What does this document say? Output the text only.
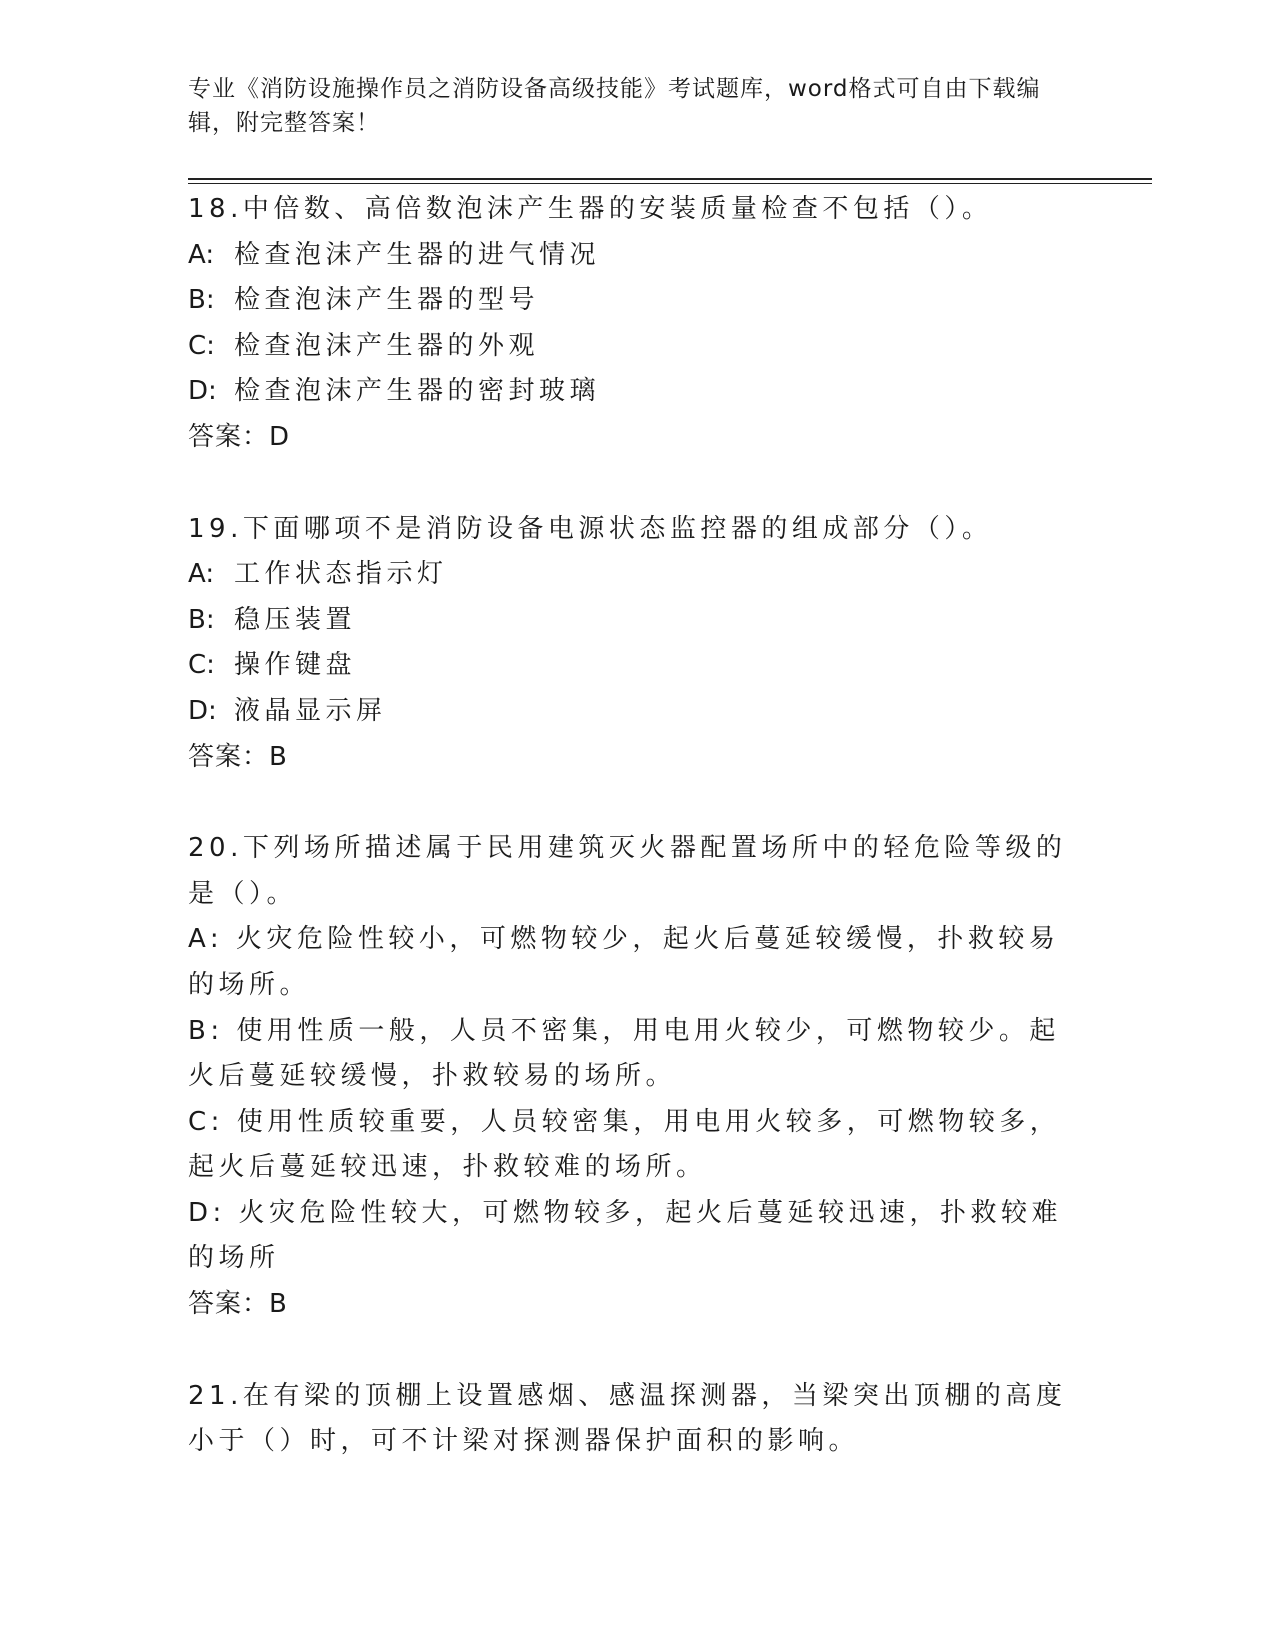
专业《消防设施操作员之消防设备高级技能》考试题库，word格式可自由下载编辑，附完整答案！
18.中倍数、高倍数泡沫产生器的安装质量检查不包括（）。
A: 检查泡沫产生器的进气情况
B: 检查泡沫产生器的型号
C: 检查泡沫产生器的外观
D: 检查泡沫产生器的密封玻璃
答案：D
19.下面哪项不是消防设备电源状态监控器的组成部分（）。
A: 工作状态指示灯
B: 稳压装置
C: 操作键盘
D: 液晶显示屏
答案：B
20.下列场所描述属于民用建筑灭火器配置场所中的轻危险等级的是（）。
A: 火灾危险性较小，可燃物较少，起火后蔓延较缓慢，扑救较易的场所。
B: 使用性质一般，人员不密集，用电用火较少，可燃物较少。起火后蔓延较缓慢，扑救较易的场所。
C: 使用性质较重要，人员较密集，用电用火较多，可燃物较多，起火后蔓延较迅速，扑救较难的场所。
D: 火灾危险性较大，可燃物较多，起火后蔓延较迅速，扑救较难的场所
答案：B
21.在有梁的顶棚上设置感烟、感温探测器，当梁突出顶棚的高度小于（）时，可不计梁对探测器保护面积的影响。
